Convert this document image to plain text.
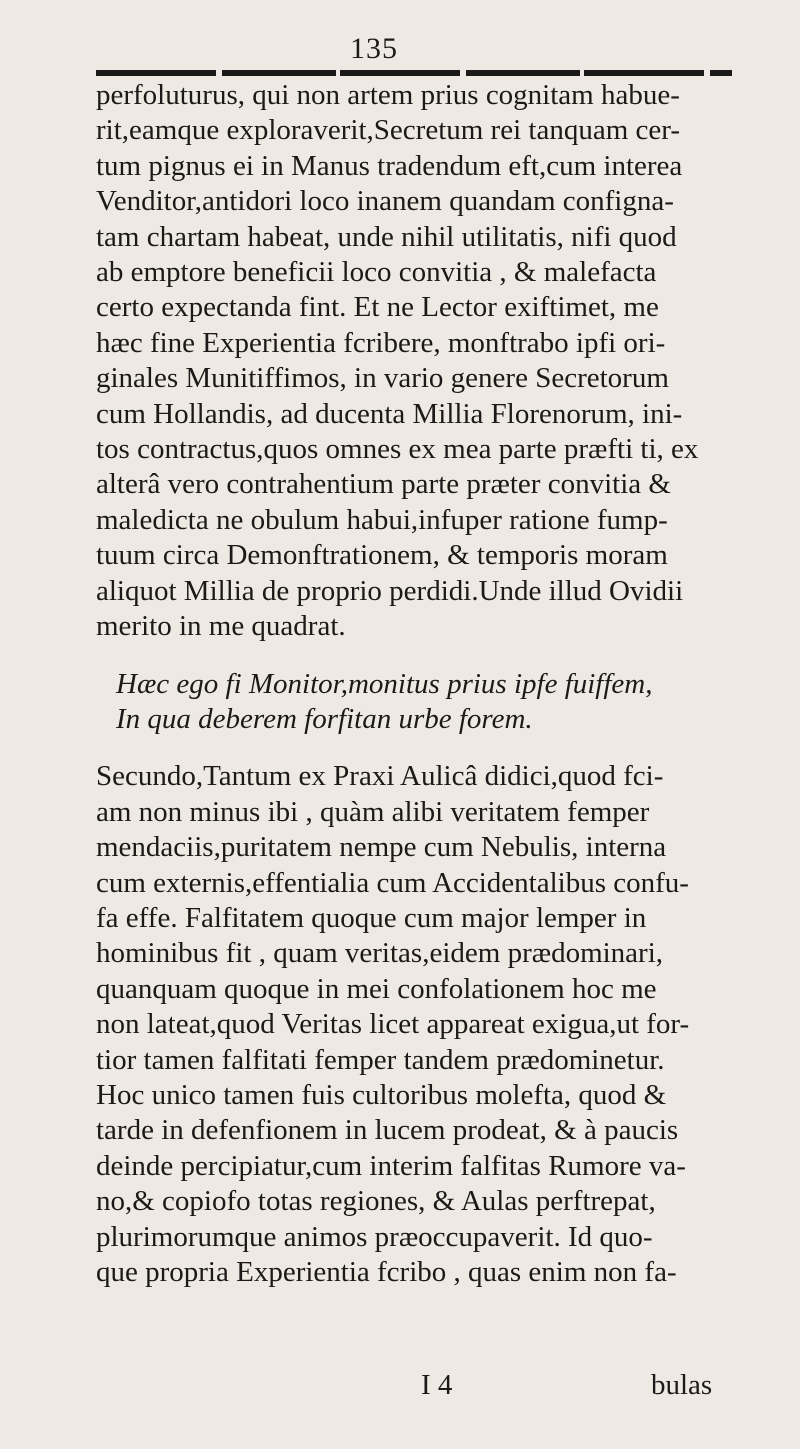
135
perfoluturus, qui non artem prius cognitam habue-
rit,eamque exploraverit,Secretum rei tanquam cer-
tum pignus ei in Manus tradendum eft,cum interea
Venditor,antidori loco inanem quandam configna-
tam chartam habeat, unde nihil utilitatis, nifi quod
ab emptore beneficii loco convitia , & malefacta
certo expectanda fint. Et ne Lector exiftimet, me
hæc fine Experientia fcribere, monftrabo ipfi ori-
ginales Munitiffimos, in vario genere Secretorum
cum Hollandis, ad ducenta Millia Florenorum, ini-
tos contractus,quos omnes ex mea parte præfti ti, ex
alterâ vero contrahentium parte præter convitia &
maledicta ne obulum habui,infuper ratione fump-
tuum circa Demonftrationem, & temporis moram
aliquot Millia de proprio perdidi.Unde illud Ovidii
merito in me quadrat.
Hæc ego fi Monitor,monitus prius ipfe fuiffem,
In qua deberem forfitan urbe forem.
Secundo,Tantum ex Praxi Aulicâ didici,quod fci-
am non minus ibi , quàm alibi veritatem femper
mendaciis,puritatem nempe cum Nebulis, interna
cum externis,effentialia cum Accidentalibus confu-
fa effe. Falfitatem quoque cum major lemper in
hominibus fit , quam veritas,eidem prædominari,
quanquam quoque in mei confolationem hoc me
non lateat,quod Veritas licet appareat exigua,ut for-
tior tamen falfitati femper tandem prædominetur.
Hoc unico tamen fuis cultoribus molefta, quod &
tarde in defenfionem in lucem prodeat, & à paucis
deinde percipiatur,cum interim falfitas Rumore va-
no,& copiofo totas regiones, & Aulas perftrepat,
plurimorumque animos præoccupaverit. Id quo-
que propria Experientia fcribo , quas enim non fa-
I 4	bulas
